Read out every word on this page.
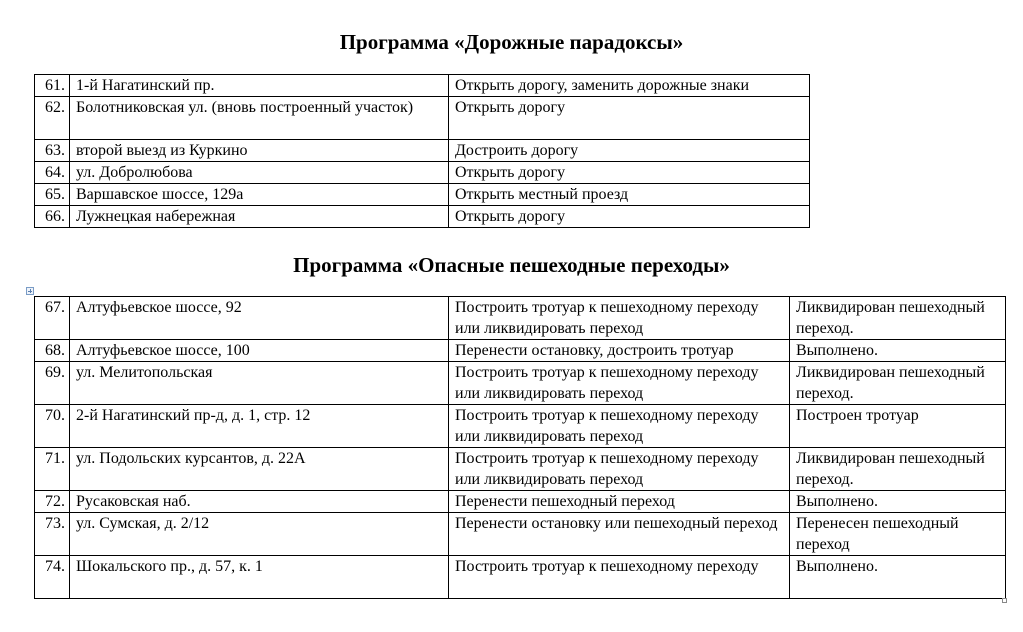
Программа «Дорожные парадоксы»
61.	1-й Нагатинский пр.	Открыть дорогу, заменить дорожные знаки
62.	Болотниковская ул. (вновь построенный участок)	Открыть дорогу
63.	второй выезд из Куркино	Достроить дорогу
64.	ул. Добролюбова	Открыть дорогу
65.	Варшавское шоссе, 129а	Открыть местный проезд
66.	Лужнецкая набережная	Открыть дорогу
Программа «Опасные пешеходные переходы»
67.	Алтуфьевское шоссе, 92	Построить тротуар к пешеходному переходу или ликвидировать переход	Ликвидирован пешеходный переход.
68.	Алтуфьевское шоссе, 100	Перенести остановку, достроить тротуар	Выполнено.
69.	ул. Мелитопольская	Построить тротуар к пешеходному переходу или ликвидировать переход	Ликвидирован пешеходный переход.
70.	2-й Нагатинский пр-д, д. 1, стр. 12	Построить тротуар к пешеходному переходу или ликвидировать переход	Построен тротуар
71.	ул. Подольских курсантов, д. 22А	Построить тротуар к пешеходному переходу или ликвидировать переход	Ликвидирован пешеходный переход.
72.	Русаковская наб.	Перенести пешеходный переход	Выполнено.
73.	ул. Сумская, д. 2/12	Перенести остановку или пешеходный переход	Перенесен пешеходный переход
74.	Шокальского пр., д. 57, к. 1	Построить тротуар к пешеходному переходу	Выполнено.
